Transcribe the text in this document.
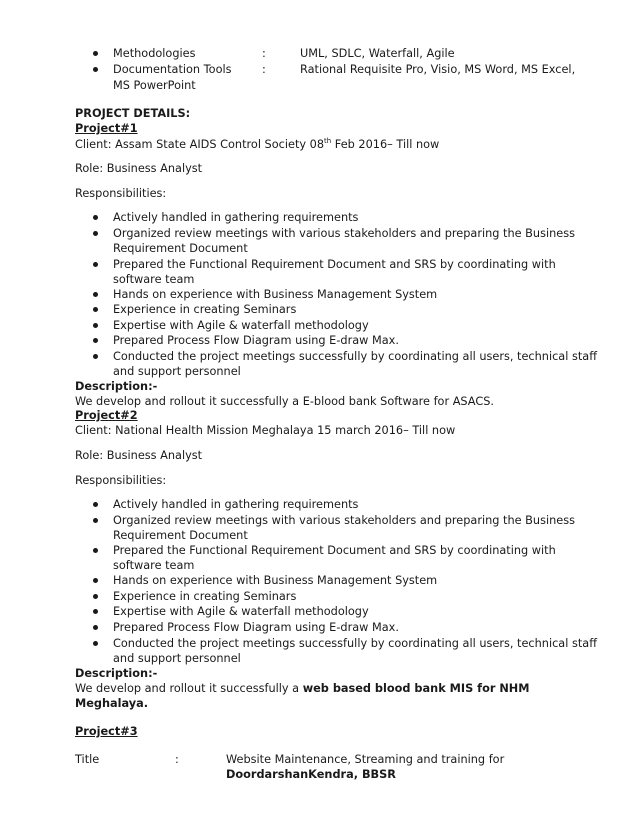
Methodologies	:	UML, SDLC, Waterfall, Agile
Documentation Tools	:	Rational Requisite Pro, Visio, MS Word, MS Excel,
MS PowerPoint
PROJECT DETAILS:
Project#1
Client: Assam State AIDS Control Society 08th Feb 2016– Till now
Role: Business Analyst
Responsibilities:
Actively handled in gathering requirements
Organized review meetings with various stakeholders and preparing the Business
Requirement Document
Prepared the Functional Requirement Document and SRS by coordinating with
software team
Hands on experience with Business Management System
Experience in creating Seminars
Expertise with Agile & waterfall methodology
Prepared Process Flow Diagram using E-draw Max.
Conducted the project meetings successfully by coordinating all users, technical staff
and support personnel
Description:-
We develop and rollout it successfully a E-blood bank Software for ASACS.
Project#2
Client: National Health Mission Meghalaya 15 march 2016– Till now
Role: Business Analyst
Responsibilities:
Actively handled in gathering requirements
Organized review meetings with various stakeholders and preparing the Business
Requirement Document
Prepared the Functional Requirement Document and SRS by coordinating with
software team
Hands on experience with Business Management System
Experience in creating Seminars
Expertise with Agile & waterfall methodology
Prepared Process Flow Diagram using E-draw Max.
Conducted the project meetings successfully by coordinating all users, technical staff
and support personnel
Description:-
We develop and rollout it successfully a web based blood bank MIS for NHM
Meghalaya.
Project#3
Title	:	Website Maintenance, Streaming and training for
DoordarshanKendra, BBSR
